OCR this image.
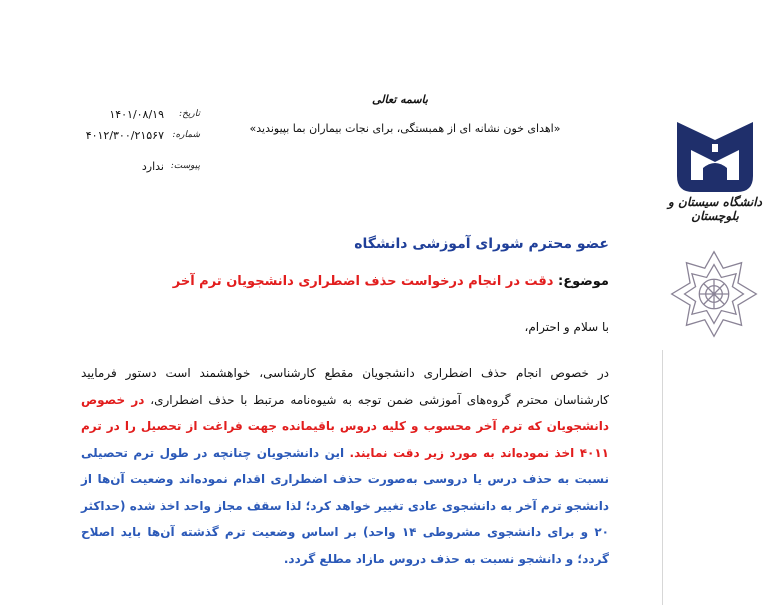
باسمه تعالی
«اهدای خون نشانه ای از همبستگی، برای نجات بیماران بما بپیوندید»
تاریخ:
۱۴۰۱/۰۸/۱۹
شماره:
۴۰۱۲/۳۰۰/۲۱۵۶۷
پیوست:
ندارد
دانشگاه سیستان و بلوچستان
عضو محترم شورای آموزشی دانشگاه
موضوع: دقت در انجام درخواست حذف اضطراری دانشجویان ترم آخر
با سلام و احترام،
در خصوص انجام حذف اضطراری دانشجویان مقطع کارشناسی، خواهشمند است دستور فرمایید کارشناسان محترم گروه‌های آموزشی ضمن توجه به شیوه‌نامه مرتبط با حذف اضطراری، در خصوص دانشجویان که ترم آخر محسوب و کلیه دروس باقیمانده جهت فراغت از تحصیل را در ترم ۴۰۱۱ اخذ نموده‌اند به مورد زیر دقت نمایند. این دانشجویان چنانچه در طول ترم تحصیلی نسبت به حذف درس یا دروسی به‌صورت حذف اضطراری اقدام نموده‌اند وضعیت آن‌ها از دانشجو ترم آخر به دانشجوی عادی تغییر خواهد کرد؛ لذا سقف مجاز واحد اخذ شده (حداکثر ۲۰ و برای دانشجوی مشروطی ۱۴ واحد) بر اساس وضعیت ترم گذشته آن‌ها باید اصلاح گردد؛ و دانشجو نسبت به حذف دروس مازاد مطلع گردد.
